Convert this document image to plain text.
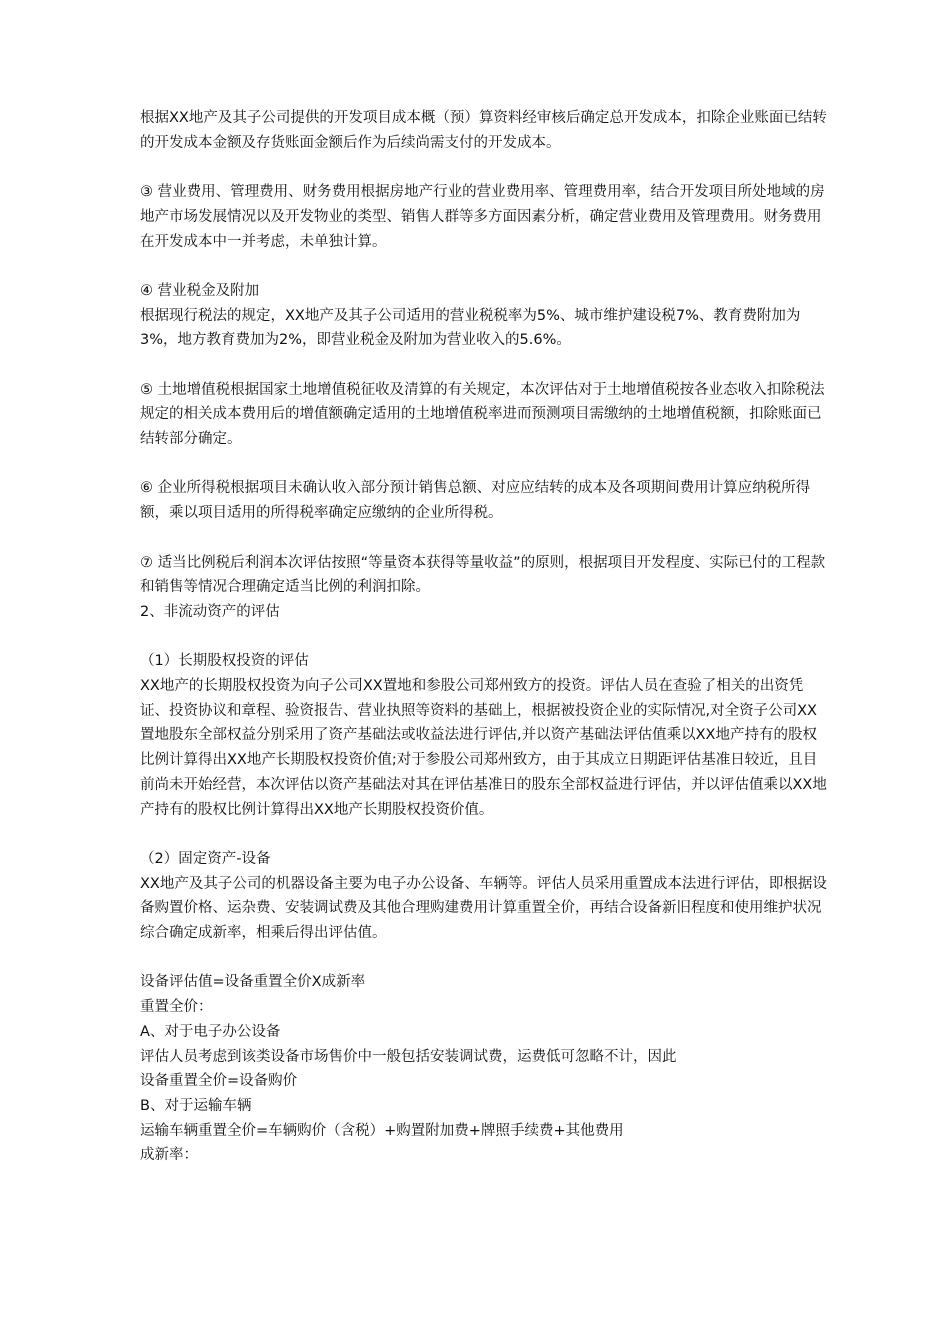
根据XX地产及其子公司提供的开发项目成本概（预）算资料经审核后确定总开发成本，扣除企业账面已结转的开发成本金额及存货账面金额后作为后续尚需支付的开发成本。

③ 营业费用、管理费用、财务费用根据房地产行业的营业费用率、管理费用率，结合开发项目所处地域的房地产市场发展情况以及开发物业的类型、销售人群等多方面因素分析，确定营业费用及管理费用。财务费用在开发成本中一并考虑，未单独计算。

④ 营业税金及附加

根据现行税法的规定，XX地产及其子公司适用的营业税税率为5%、城市维护建设税7%、教育费附加为3%，地方教育费加为2%，即营业税金及附加为营业收入的5.6%。

⑤ 土地增值税根据国家土地增值税征收及清算的有关规定，本次评估对于土地增值税按各业态收入扣除税法规定的相关成本费用后的增值额确定适用的土地增值税率进而预测项目需缴纳的土地增值税额，扣除账面已结转部分确定。

⑥ 企业所得税根据项目未确认收入部分预计销售总额、对应应结转的成本及各项期间费用计算应纳税所得额，乘以项目适用的所得税率确定应缴纳的企业所得税。

⑦ 适当比例税后利润本次评估按照“等量资本获得等量收益”的原则，根据项目开发程度、实际已付的工程款和销售等情况合理确定适当比例的利润扣除。

2、非流动资产的评估

（1）长期股权投资的评估

XX地产的长期股权投资为向子公司XX置地和参股公司郑州致方的投资。评估人员在查验了相关的出资凭证、投资协议和章程、验资报告、营业执照等资料的基础上，根据被投资企业的实际情况,对全资子公司XX置地股东全部权益分别采用了资产基础法或收益法进行评估,并以资产基础法评估值乘以XX地产持有的股权比例计算得出XX地产长期股权投资价值;对于参股公司郑州致方，由于其成立日期距评估基准日较近，且目前尚未开始经营，本次评估以资产基础法对其在评估基准日的股东全部权益进行评估，并以评估值乘以XX地产持有的股权比例计算得出XX地产长期股权投资价值。

（2）固定资产-设备

XX地产及其子公司的机器设备主要为电子办公设备、车辆等。评估人员采用重置成本法进行评估，即根据设备购置价格、运杂费、安装调试费及其他合理购建费用计算重置全价，再结合设备新旧程度和使用维护状况综合确定成新率，相乘后得出评估值。

设备评估值=设备重置全价X成新率

重置全价：

A、对于电子办公设备

评估人员考虑到该类设备市场售价中一般包括安装调试费，运费低可忽略不计，因此

设备重置全价=设备购价

B、对于运输车辆

运输车辆重置全价=车辆购价（含税）+购置附加费+牌照手续费+其他费用

成新率：
